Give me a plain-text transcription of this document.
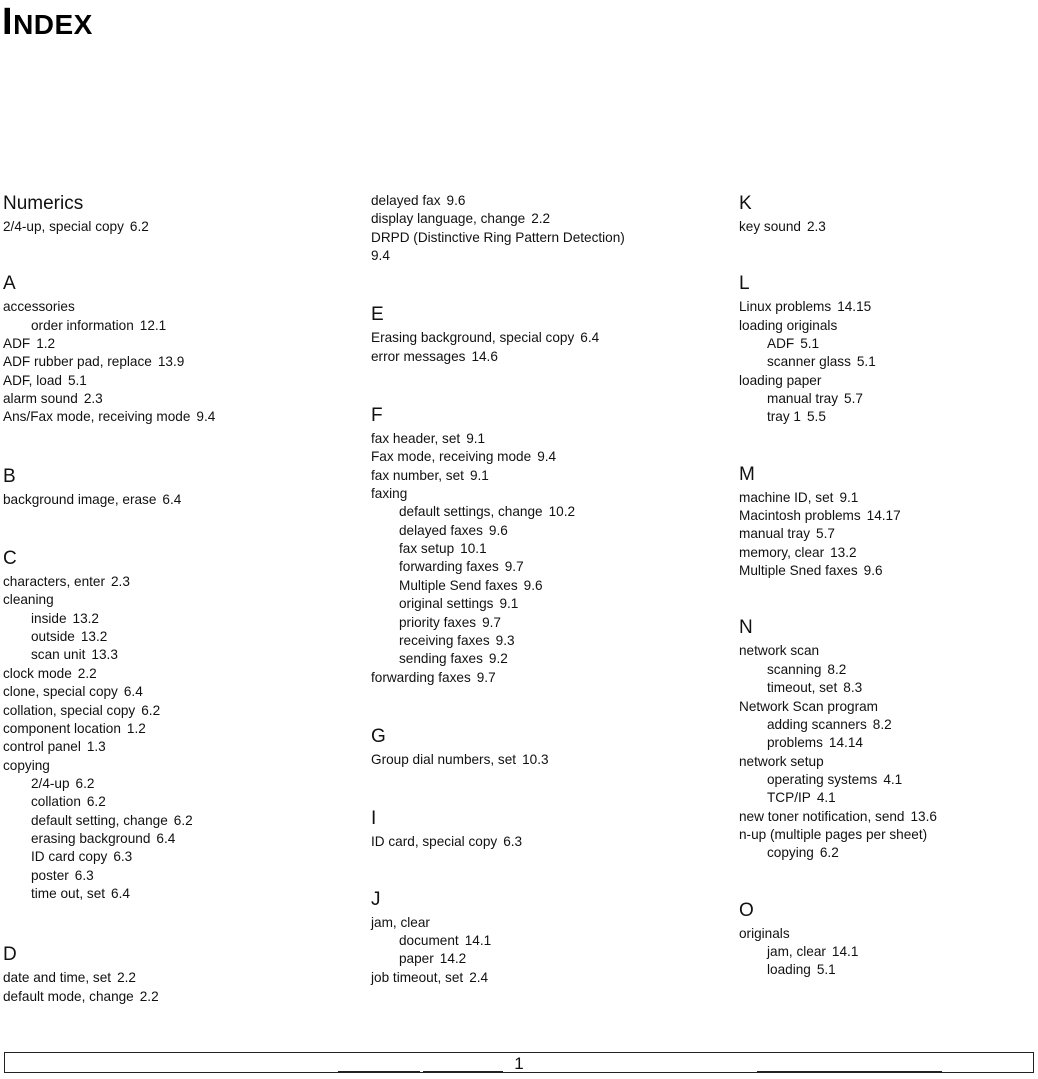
INDEX
Numerics
2/4-up, special copy 6.2
A
accessories
order information 12.1
ADF 1.2
ADF rubber pad, replace 13.9
ADF, load 5.1
alarm sound 2.3
Ans/Fax mode, receiving mode 9.4
B
background image, erase 6.4
C
characters, enter 2.3
cleaning
inside 13.2
outside 13.2
scan unit 13.3
clock mode 2.2
clone, special copy 6.4
collation, special copy 6.2
component location 1.2
control panel 1.3
copying
2/4-up 6.2
collation 6.2
default setting, change 6.2
erasing background 6.4
ID card copy 6.3
poster 6.3
time out, set 6.4
D
date and time, set 2.2
default mode, change 2.2
delayed fax 9.6
display language, change 2.2
DRPD (Distinctive Ring Pattern Detection)
9.4
E
Erasing background, special copy 6.4
error messages 14.6
F
fax header, set 9.1
Fax mode, receiving mode 9.4
fax number, set 9.1
faxing
default settings, change 10.2
delayed faxes 9.6
fax setup 10.1
forwarding faxes 9.7
Multiple Send faxes 9.6
original settings 9.1
priority faxes 9.7
receiving faxes 9.3
sending faxes 9.2
forwarding faxes 9.7
G
Group dial numbers, set 10.3
I
ID card, special copy 6.3
J
jam, clear
document 14.1
paper 14.2
job timeout, set 2.4
K
key sound 2.3
L
Linux problems 14.15
loading originals
ADF 5.1
scanner glass 5.1
loading paper
manual tray 5.7
tray 1 5.5
M
machine ID, set 9.1
Macintosh problems 14.17
manual tray 5.7
memory, clear 13.2
Multiple Sned faxes 9.6
N
network scan
scanning 8.2
timeout, set 8.3
Network Scan program
adding scanners 8.2
problems 14.14
network setup
operating systems 4.1
TCP/IP 4.1
new toner notification, send 13.6
n-up (multiple pages per sheet)
copying 6.2
O
originals
jam, clear 14.1
loading 5.1
1
